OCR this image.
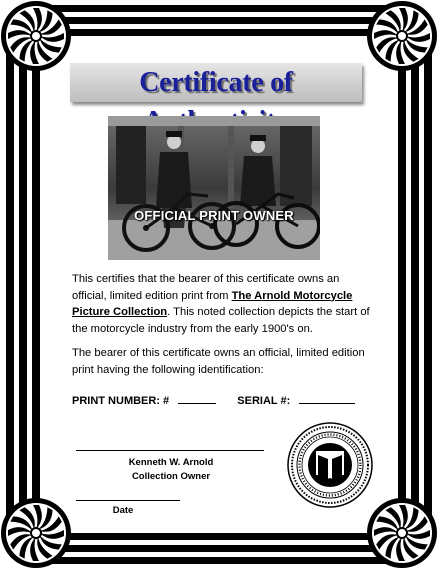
Certificate of
OFFICIAL PRINT OWNER
This certifies that the bearer of this certificate owns an official, limited edition print from The Arnold Motorcycle Picture Collection. This noted collection depicts the start of the motorcycle industry from the early 1900's on.
The bearer of this certificate owns an official, limited edition print having the following identification:
PRINT NUMBER: #	SERIAL #:
Kenneth W. Arnold
Collection Owner
Date
